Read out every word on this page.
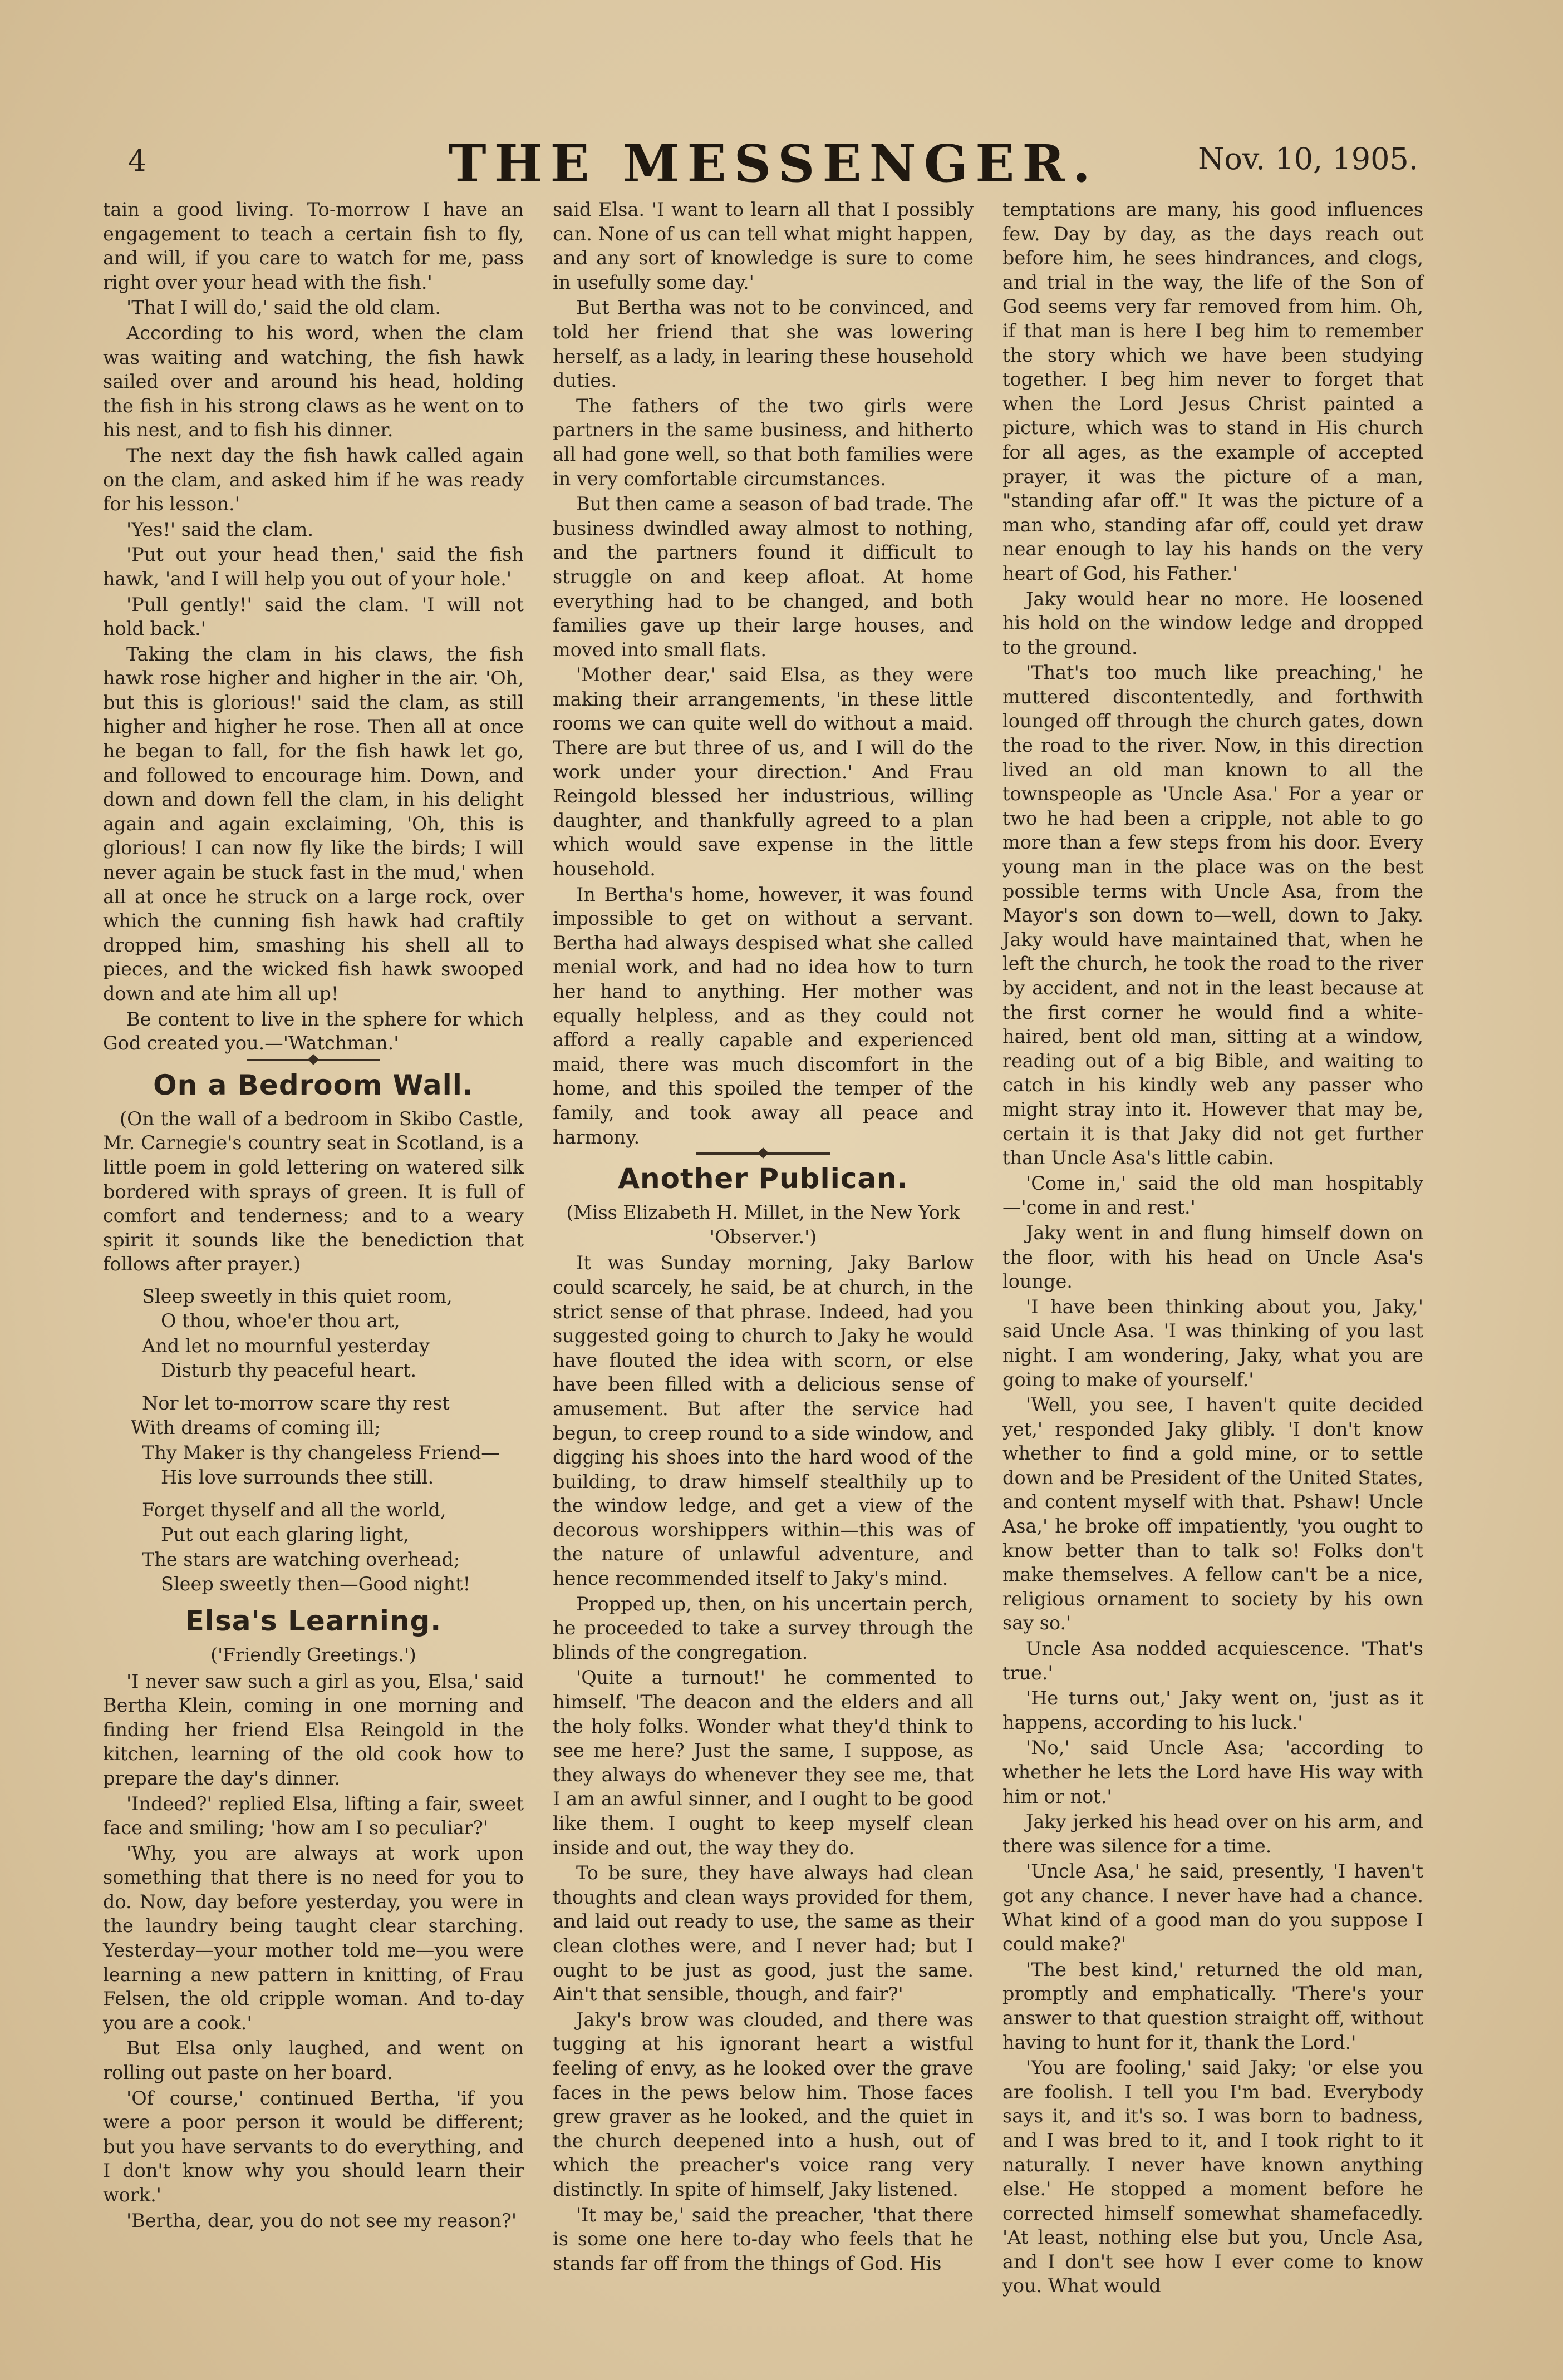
4	THE MESSENGER.	Nov. 10, 1905.

tain a good living. To-morrow I have an engagement to teach a certain fish to fly, and will, if you care to watch for me, pass right over your head with the fish.'

'That I will do,' said the old clam.

According to his word, when the clam was waiting and watching, the fish hawk sailed over and around his head, holding the fish in his strong claws as he went on to his nest, and to fish his dinner.

The next day the fish hawk called again on the clam, and asked him if he was ready for his lesson.'

'Yes!' said the clam.

'Put out your head then,' said the fish hawk, 'and I will help you out of your hole.'

'Pull gently!' said the clam. 'I will not hold back.'

Taking the clam in his claws, the fish hawk rose higher and higher in the air. 'Oh, but this is glorious!' said the clam, as still higher and higher he rose. Then all at once he began to fall, for the fish hawk let go, and followed to encourage him. Down, and down and down fell the clam, in his delight again and again exclaiming, 'Oh, this is glorious! I can now fly like the birds; I will never again be stuck fast in the mud,' when all at once he struck on a large rock, over which the cunning fish hawk had craftily dropped him, smashing his shell all to pieces, and the wicked fish hawk swooped down and ate him all up!

Be content to live in the sphere for which God created you.—'Watchman.'

On a Bedroom Wall.

(On the wall of a bedroom in Skibo Castle, Mr. Carnegie's country seat in Scotland, is a little poem in gold lettering on watered silk bordered with sprays of green. It is full of comfort and tenderness; and to a weary spirit it sounds like the benediction that follows after prayer.)

Sleep sweetly in this quiet room,
O thou, whoe'er thou art,
And let no mournful yesterday
Disturb thy peaceful heart.
Nor let to-morrow scare thy rest
With dreams of coming ill;
Thy Maker is thy changeless Friend—
His love surrounds thee still.
Forget thyself and all the world,
Put out each glaring light,
The stars are watching overhead;
Sleep sweetly then—Good night!
Elsa's Learning.
('Friendly Greetings.')

'I never saw such a girl as you, Elsa,' said Bertha Klein, coming in one morning and finding her friend Elsa Reingold in the kitchen, learning of the old cook how to prepare the day's dinner.

'Indeed?' replied Elsa, lifting a fair, sweet face and smiling; 'how am I so peculiar?'

'Why, you are always at work upon something that there is no need for you to do. Now, day before yesterday, you were in the laundry being taught clear starching. Yesterday—your mother told me—you were learning a new pattern in knitting, of Frau Felsen, the old cripple woman. And to-day you are a cook.'

But Elsa only laughed, and went on rolling out paste on her board.

'Of course,' continued Bertha, 'if you were a poor person it would be different; but you have servants to do everything, and I don't know why you should learn their work.'

'Bertha, dear, you do not see my reason?'

said Elsa. 'I want to learn all that I possibly can. None of us can tell what might happen, and any sort of knowledge is sure to come in usefully some day.'

But Bertha was not to be convinced, and told her friend that she was lowering herself, as a lady, in learing these household duties.

The fathers of the two girls were partners in the same business, and hitherto all had gone well, so that both families were in very comfortable circumstances.

But then came a season of bad trade. The business dwindled away almost to nothing, and the partners found it difficult to struggle on and keep afloat. At home everything had to be changed, and both families gave up their large houses, and moved into small flats.

'Mother dear,' said Elsa, as they were making their arrangements, 'in these little rooms we can quite well do without a maid. There are but three of us, and I will do the work under your direction.' And Frau Reingold blessed her industrious, willing daughter, and thankfully agreed to a plan which would save expense in the little household.

In Bertha's home, however, it was found impossible to get on without a servant. Bertha had always despised what she called menial work, and had no idea how to turn her hand to anything. Her mother was equally helpless, and as they could not afford a really capable and experienced maid, there was much discomfort in the home, and this spoiled the temper of the family, and took away all peace and harmony.

Another Publican.
(Miss Elizabeth H. Millet, in the New York 'Observer.')

It was Sunday morning, Jaky Barlow could scarcely, he said, be at church, in the strict sense of that phrase. Indeed, had you suggested going to church to Jaky he would have flouted the idea with scorn, or else have been filled with a delicious sense of amusement. But after the service had begun, to creep round to a side window, and digging his shoes into the hard wood of the building, to draw himself stealthily up to the window ledge, and get a view of the decorous worshippers within—this was of the nature of unlawful adventure, and hence recommended itself to Jaky's mind.

Propped up, then, on his uncertain perch, he proceeded to take a survey through the blinds of the congregation.

'Quite a turnout!' he commented to himself. 'The deacon and the elders and all the holy folks. Wonder what they'd think to see me here? Just the same, I suppose, as they always do whenever they see me, that I am an awful sinner, and I ought to be good like them. I ought to keep myself clean inside and out, the way they do.

To be sure, they have always had clean thoughts and clean ways provided for them, and laid out ready to use, the same as their clean clothes were, and I never had; but I ought to be just as good, just the same. Ain't that sensible, though, and fair?'

Jaky's brow was clouded, and there was tugging at his ignorant heart a wistful feeling of envy, as he looked over the grave faces in the pews below him. Those faces grew graver as he looked, and the quiet in the church deepened into a hush, out of which the preacher's voice rang very distinctly. In spite of himself, Jaky listened.

'It may be,' said the preacher, 'that there is some one here to-day who feels that he stands far off from the things of God. His

temptations are many, his good influences few. Day by day, as the days reach out before him, he sees hindrances, and clogs, and trial in the way, the life of the Son of God seems very far removed from him. Oh, if that man is here I beg him to remember the story which we have been studying together. I beg him never to forget that when the Lord Jesus Christ painted a picture, which was to stand in His church for all ages, as the example of accepted prayer, it was the picture of a man, "standing afar off." It was the picture of a man who, standing afar off, could yet draw near enough to lay his hands on the very heart of God, his Father.'

Jaky would hear no more. He loosened his hold on the window ledge and dropped to the ground.

'That's too much like preaching,' he muttered discontentedly, and forthwith lounged off through the church gates, down the road to the river. Now, in this direction lived an old man known to all the townspeople as 'Uncle Asa.' For a year or two he had been a cripple, not able to go more than a few steps from his door. Every young man in the place was on the best possible terms with Uncle Asa, from the Mayor's son down to—well, down to Jaky. Jaky would have maintained that, when he left the church, he took the road to the river by accident, and not in the least because at the first corner he would find a white-haired, bent old man, sitting at a window, reading out of a big Bible, and waiting to catch in his kindly web any passer who might stray into it. However that may be, certain it is that Jaky did not get further than Uncle Asa's little cabin.

'Come in,' said the old man hospitably—'come in and rest.'

Jaky went in and flung himself down on the floor, with his head on Uncle Asa's lounge.

'I have been thinking about you, Jaky,' said Uncle Asa. 'I was thinking of you last night. I am wondering, Jaky, what you are going to make of yourself.'

'Well, you see, I haven't quite decided yet,' responded Jaky glibly. 'I don't know whether to find a gold mine, or to settle down and be President of the United States, and content myself with that. Pshaw! Uncle Asa,' he broke off impatiently, 'you ought to know better than to talk so! Folks don't make themselves. A fellow can't be a nice, religious ornament to society by his own say so.'

Uncle Asa nodded acquiescence. 'That's true.'

'He turns out,' Jaky went on, 'just as it happens, according to his luck.'

'No,' said Uncle Asa; 'according to whether he lets the Lord have His way with him or not.'

Jaky jerked his head over on his arm, and there was silence for a time.

'Uncle Asa,' he said, presently, 'I haven't got any chance. I never have had a chance. What kind of a good man do you suppose I could make?'

'The best kind,' returned the old man, promptly and emphatically. 'There's your answer to that question straight off, without having to hunt for it, thank the Lord.'

'You are fooling,' said Jaky; 'or else you are foolish. I tell you I'm bad. Everybody says it, and it's so. I was born to badness, and I was bred to it, and I took right to it naturally. I never have known anything else.' He stopped a moment before he corrected himself somewhat shamefacedly. 'At least, nothing else but you, Uncle Asa, and I don't see how I ever come to know you. What would
